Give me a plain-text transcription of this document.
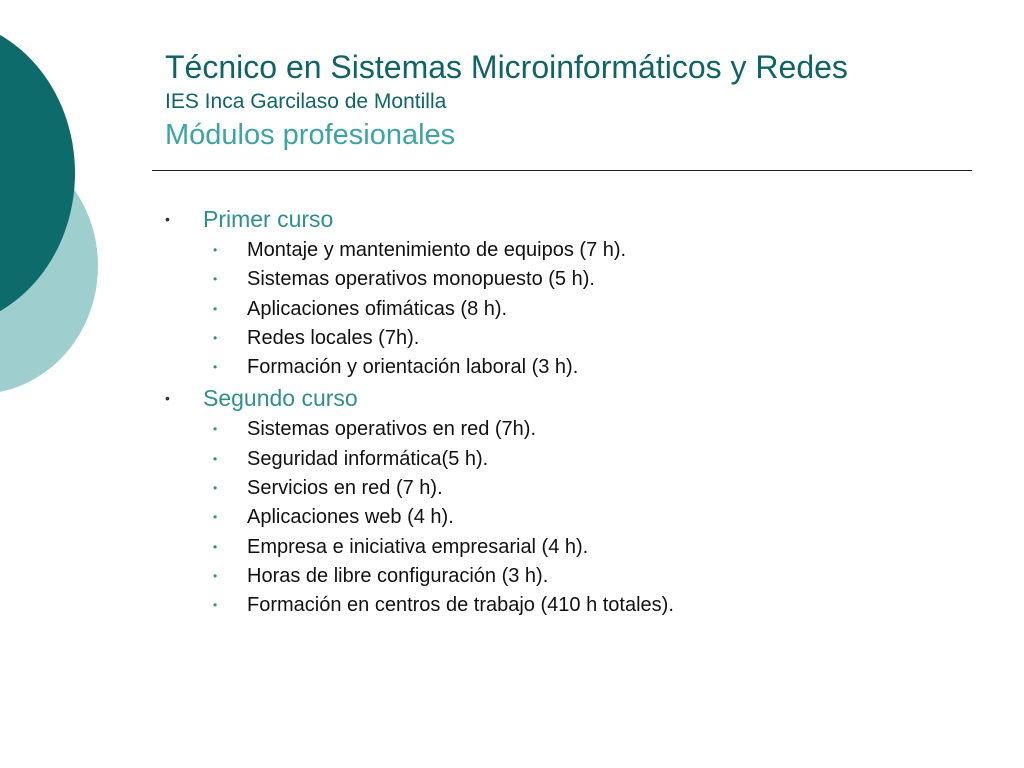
Técnico en Sistemas Microinformáticos y Redes
IES Inca Garcilaso de Montilla
Módulos profesionales
• Primer curso
• Montaje y mantenimiento de equipos (7 h).
• Sistemas operativos monopuesto (5 h).
• Aplicaciones ofimáticas (8 h).
• Redes locales (7h).
• Formación y orientación laboral (3 h).
• Segundo curso
• Sistemas operativos en red (7h).
• Seguridad informática(5 h).
• Servicios en red (7 h).
• Aplicaciones web (4 h).
• Empresa e iniciativa empresarial (4 h).
• Horas de libre configuración (3 h).
• Formación en centros de trabajo (410 h totales).
